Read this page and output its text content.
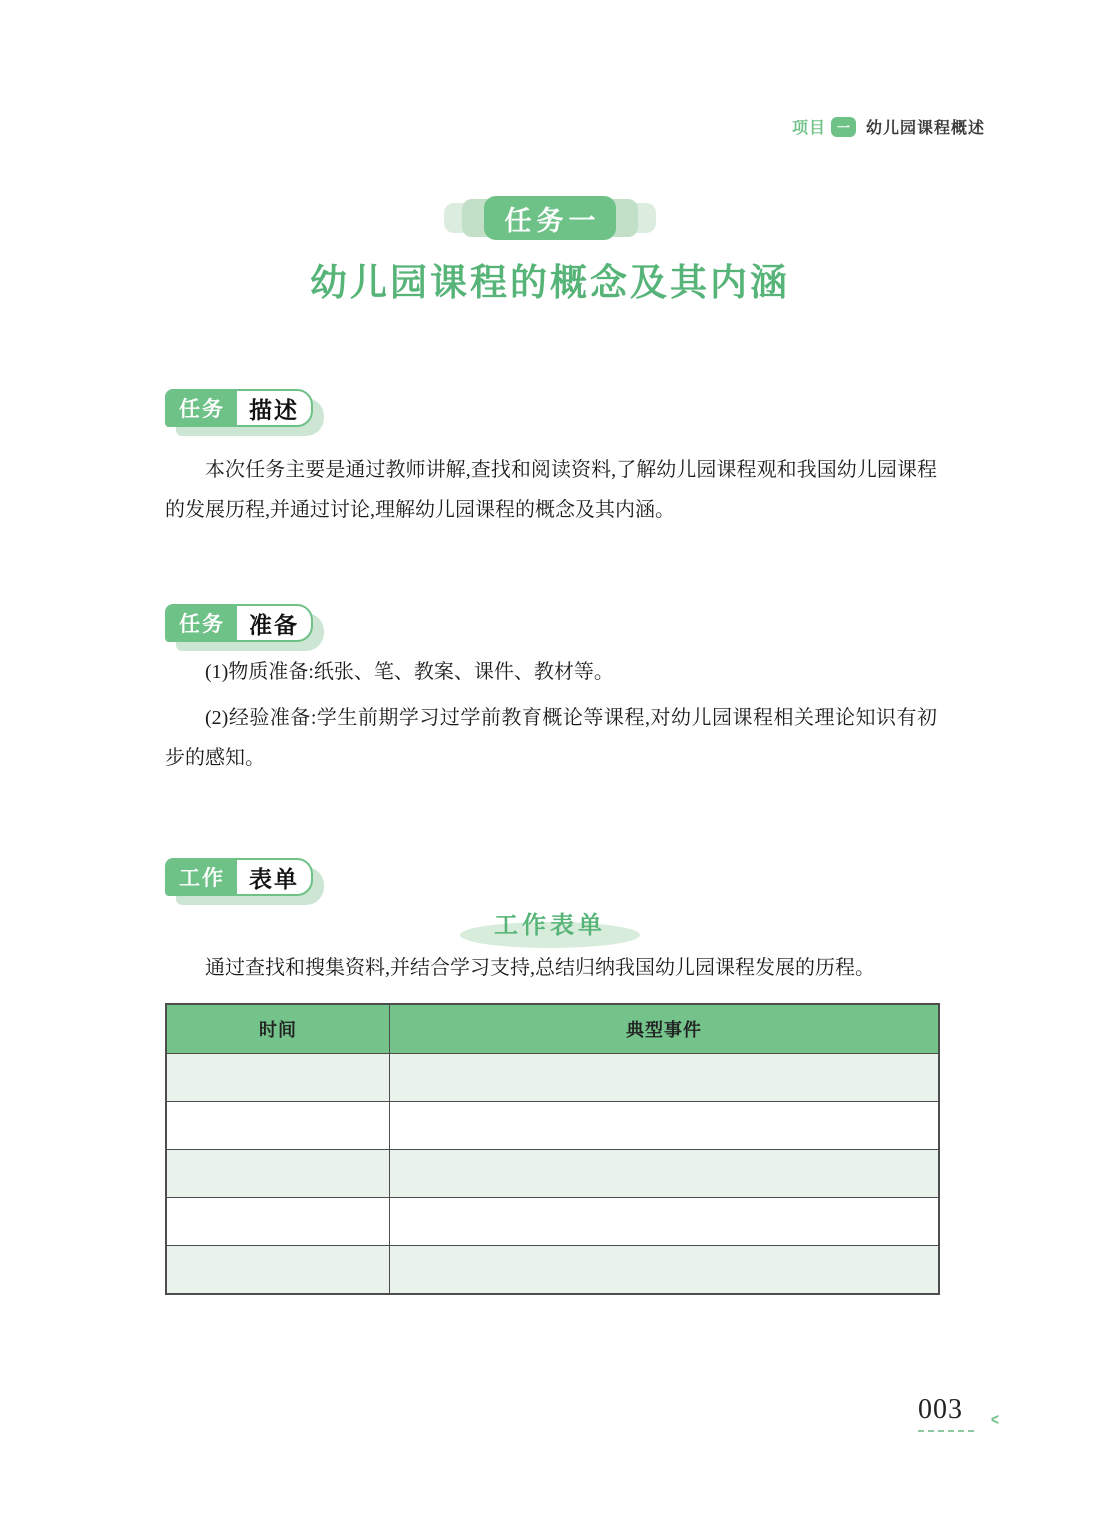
项目 一 幼儿园课程概述
任务一
幼儿园课程的概念及其内涵
任务	描述

本次任务主要是通过教师讲解,查找和阅读资料,了解幼儿园课程观和我国幼儿园课程的发展历程,并通过讨论,理解幼儿园课程的概念及其内涵。

任务	准备

(1)物质准备:纸张、笔、教案、课件、教材等。

(2)经验准备:学生前期学习过学前教育概论等课程,对幼儿园课程相关理论知识有初步的感知。

工作	表单
工作表单

通过查找和搜集资料,并结合学习支持,总结归纳我国幼儿园课程发展的历程。

时间	典型事件

003	<
